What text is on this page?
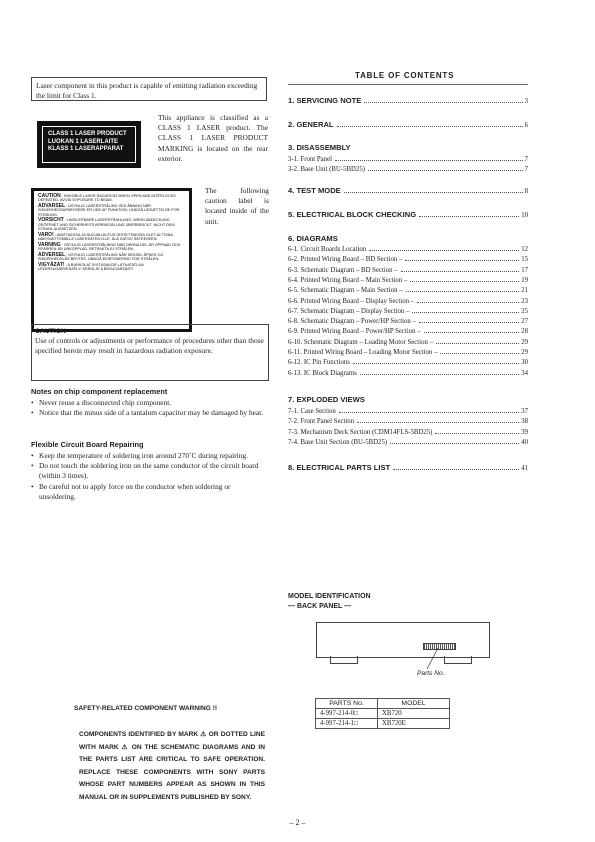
Laser component in this product is capable of emitting radiation exceeding the limit for Class 1.
CLASS 1 LASER PRODUCT
LUOKAN 1 LASERLAITE
KLASS 1 LASERAPPARAT
This appliance is classified as a CLASS 1 LASER product. The CLASS 1 LASER PRODUCT MARKING is located on the rear exterior.
CAUTION : INVISIBLE LASER RADIATION WHEN OPEN AND INTERLOCKS DEFEATED. AVOID EXPOSURE TO BEAM.
ADVARSEL : USYNLIG LASERSTRÅLING VED ÅBNING NÅR SIKKERHEDSAFBRYDERE ER UDE AF FUNKTION. UNDGÅ UDSÆTTELSE FOR STRÅLING.
VORSICHT : UNSICHTBARE LASERSTRAHLUNG, WENN ABDECKUNG GEÖFFNET UND SICHERHEITSVERRIEGELUNG ÜBERBRÜCKT. NICHT DEM STRAHL AUSSETZEN.
VARO! : AVATTAESSA JA SUOJALUKITUS OHITETTAESSA OLET ALTTIINA NÄKYMÄTTÖMÄLLE LASERSÄTEILYLLE. ÄLÄ KATSO SÄTEESEEN.
VARNING : OSYNLIG LASERSTRÅLNING NÄR DENNA DEL ÄR ÖPPNAD OCH SPÄRREN ÄR URKOPPLAD. BETRAKTA EJ STRÅLEN.
ADVERSEL : USYNLIG LASERSTRÅLING NÅR DEKSEL ÅPNES OG SIKKERHEDSLÅS BRYTES. UNNGÅ EKSPONERING FOR STRÅLEN.
VIGYÁZAT! : A BURKOLAT NYITÁSAKOR LÁTHATATLAN LÉZERSUGÁRVESZÉLY! KERÜLJE A BESUGÁRZÁST!
The following caution label is located inside of the unit.
CAUTION
Use of controls or adjustments or performance of procedures other than those specified herein may result in hazardous radiation exposure.
Notes on chip component replacement
• Never reuse a disconnected chip component.
• Notice that the minus side of a tantalum capacitor may be damaged by heat.
Flexible Circuit Board Repairing
• Keep the temperature of soldering iron around 270˚C during repairing.
• Do not touch the soldering iron on the same conductor of the circuit board (within 3 times).
• Be careful not to apply force on the conductor when soldering or unsoldering.
TABLE OF CONTENTS
1. SERVICING NOTE	3
2. GENERAL	6
3. DISASSEMBLY
3-1. Front Panel	7
3-2. Base Unit (BU-5BD25)	7
4. TEST MODE	8
5. ELECTRICAL BLOCK CHECKING	10
6. DIAGRAMS
6-1. Circuit Boards Location	12
6-2. Printed Wiring Board – BD Section –	15
6-3. Schematic Diagram – BD Section –	17
6-4. Printed Wiring Board – Main Section –	19
6-5. Schematic Diagram – Main Section –	21
6-6. Printed Wiring Board – Display Section –	23
6-7. Schematic Diagram – Display Section –	25
6-8. Schematic Diagram – Power/HP Section –	27
6-9. Printed Wiring Board – Power/HP Section –	28
6-10. Schematic Diagram – Loading Motor Section –	29
6-11. Printed Wiring Board – Loading Motor Section –	29
6-12. IC Pin Functions	30
6-13. IC Block Diagrams	34
7. EXPLODED VIEWS
7-1. Case Section	37
7-2. Front Panel Section	38
7-3. Mechanism Deck Section (CDM14FLS-5BD25)	39
7-4. Base Unit Section (BU-5BD25)	40
8. ELECTRICAL PARTS LIST	41
MODEL IDENTIFICATION
— BACK PANEL —
Parts No.
PARTS No.	MODEL
4-997-214-0□	XB720
4-997-214-1□	XB720E
SAFETY-RELATED COMPONENT WARNING !!
COMPONENTS IDENTIFIED BY MARK ⚠ OR DOTTED LINE WITH MARK ⚠ ON THE SCHEMATIC DIAGRAMS AND IN THE PARTS LIST ARE CRITICAL TO SAFE OPERATION. REPLACE THESE COMPONENTS WITH SONY PARTS WHOSE PART NUMBERS APPEAR AS SHOWN IN THIS MANUAL OR IN SUPPLEMENTS PUBLISHED BY SONY.
– 2 –
